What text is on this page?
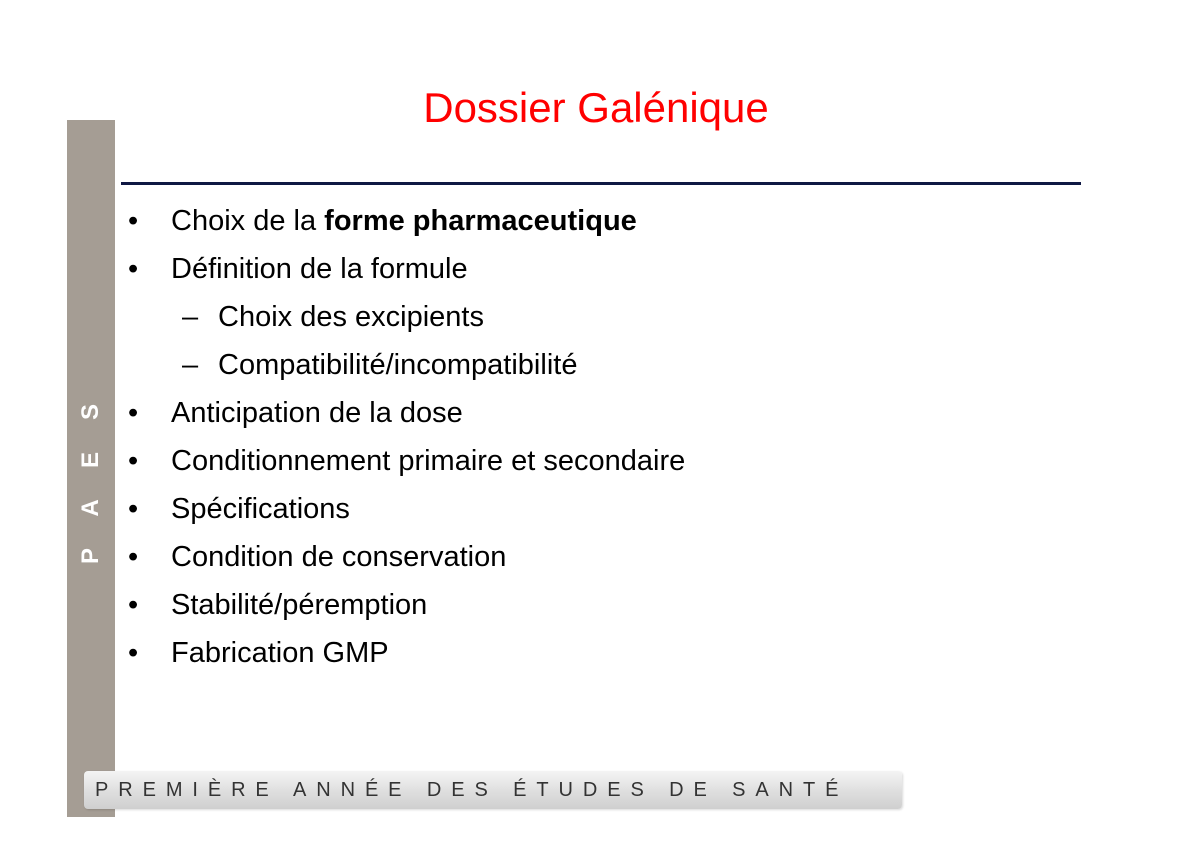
S
E
A
P
Dossier Galénique
•	Choix de la forme pharmaceutique
•	Définition de la formule
– Choix des excipients
– Compatibilité/incompatibilité
•	Anticipation de la dose
•	Conditionnement primaire et secondaire
•	Spécifications
•	Condition de conservation
•	Stabilité/péremption
•	Fabrication GMP
PREMIÈRE ANNÉE DES ÉTUDES DE SANTÉ
